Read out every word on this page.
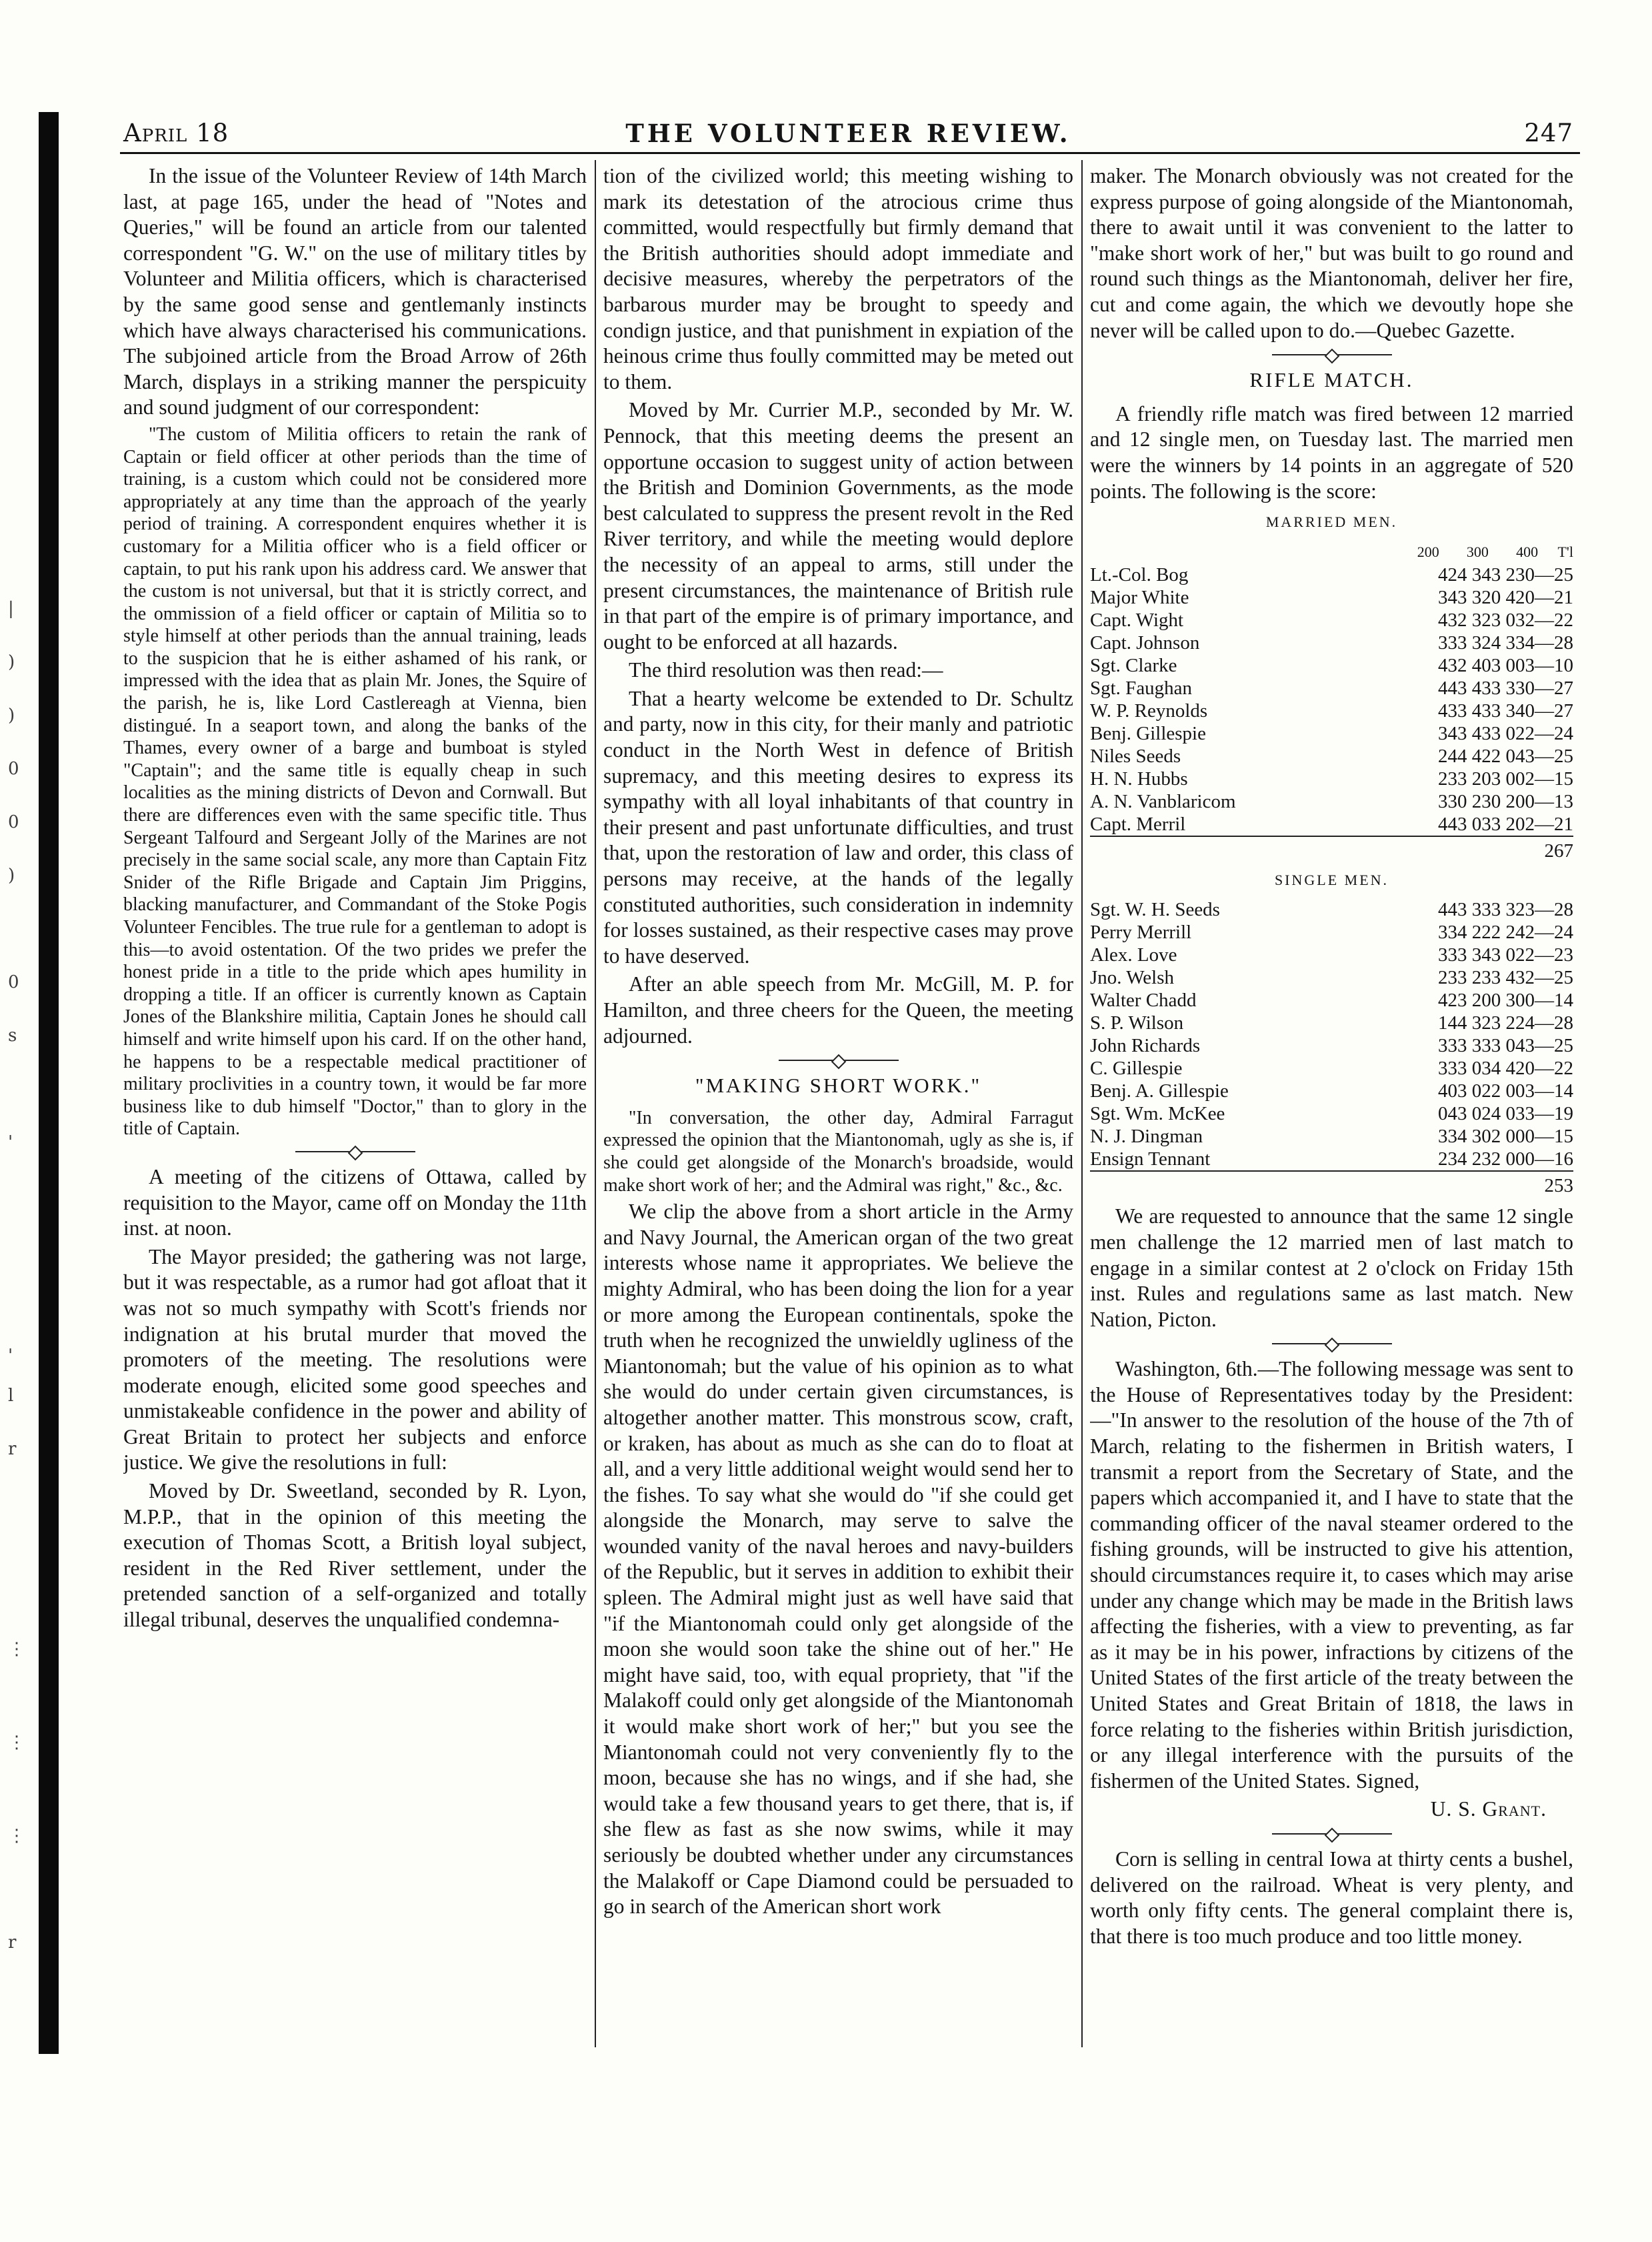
|
)
)
0
0
)
0
s
'
'
l
r
⋮
⋮
⋮
r
April 18	THE VOLUNTEER REVIEW.	247

In the issue of the Volunteer Review of 14th March last, at page 165, under the head of "Notes and Queries," will be found an article from our talented correspondent "G. W." on the use of military titles by Volunteer and Militia officers, which is characterised by the same good sense and gentlemanly instincts which have always characterised his communications. The subjoined article from the Broad Arrow of 26th March, displays in a striking manner the perspicuity and sound judgment of our correspondent:

"The custom of Militia officers to retain the rank of Captain or field officer at other periods than the time of training, is a custom which could not be considered more appropriately at any time than the approach of the yearly period of training. A correspondent enquires whether it is customary for a Militia officer who is a field officer or captain, to put his rank upon his address card. We answer that the custom is not universal, but that it is strictly correct, and the ommission of a field officer or captain of Militia so to style himself at other periods than the annual training, leads to the suspicion that he is either ashamed of his rank, or impressed with the idea that as plain Mr. Jones, the Squire of the parish, he is, like Lord Castlereagh at Vienna, bien distingué. In a seaport town, and along the banks of the Thames, every owner of a barge and bumboat is styled "Captain"; and the same title is equally cheap in such localities as the mining districts of Devon and Cornwall. But there are differences even with the same specific title. Thus Sergeant Talfourd and Sergeant Jolly of the Marines are not precisely in the same social scale, any more than Captain Fitz Snider of the Rifle Brigade and Captain Jim Priggins, blacking manufacturer, and Commandant of the Stoke Pogis Volunteer Fencibles. The true rule for a gentleman to adopt is this—to avoid ostentation. Of the two prides we prefer the honest pride in a title to the pride which apes humility in dropping a title. If an officer is currently known as Captain Jones of the Blankshire militia, Captain Jones he should call himself and write himself upon his card. If on the other hand, he happens to be a respectable medical practitioner of military proclivities in a country town, it would be far more business like to dub himself "Doctor," than to glory in the title of Captain.

A meeting of the citizens of Ottawa, called by requisition to the Mayor, came off on Monday the 11th inst. at noon.

The Mayor presided; the gathering was not large, but it was respectable, as a rumor had got afloat that it was not so much sympathy with Scott's friends nor indignation at his brutal murder that moved the promoters of the meeting. The resolutions were moderate enough, elicited some good speeches and unmistakeable confidence in the power and ability of Great Britain to protect her subjects and enforce justice. We give the resolutions in full:

Moved by Dr. Sweetland, seconded by R. Lyon, M.P.P., that in the opinion of this meeting the execution of Thomas Scott, a British loyal subject, resident in the Red River settlement, under the pretended sanction of a self-organized and totally illegal tribunal, deserves the unqualified condemna-

tion of the civilized world; this meeting wishing to mark its detestation of the atrocious crime thus committed, would respectfully but firmly demand that the British authorities should adopt immediate and decisive measures, whereby the perpetrators of the barbarous murder may be brought to speedy and condign justice, and that punishment in expiation of the heinous crime thus foully committed may be meted out to them.

Moved by Mr. Currier M.P., seconded by Mr. W. Pennock, that this meeting deems the present an opportune occasion to suggest unity of action between the British and Dominion Governments, as the mode best calculated to suppress the present revolt in the Red River territory, and while the meeting would deplore the necessity of an appeal to arms, still under the present circumstances, the maintenance of British rule in that part of the empire is of primary importance, and ought to be enforced at all hazards.

The third resolution was then read:—

That a hearty welcome be extended to Dr. Schultz and party, now in this city, for their manly and patriotic conduct in the North West in defence of British supremacy, and this meeting desires to express its sympathy with all loyal inhabitants of that country in their present and past unfortunate difficulties, and trust that, upon the restoration of law and order, this class of persons may receive, at the hands of the legally constituted authorities, such consideration in indemnity for losses sustained, as their respective cases may prove to have deserved.

After an able speech from Mr. McGill, M. P. for Hamilton, and three cheers for the Queen, the meeting adjourned.

"MAKING SHORT WORK."

"In conversation, the other day, Admiral Farragut expressed the opinion that the Miantonomah, ugly as she is, if she could get alongside of the Monarch's broadside, would make short work of her; and the Admiral was right," &c., &c.

We clip the above from a short article in the Army and Navy Journal, the American organ of the two great interests whose name it appropriates. We believe the mighty Admiral, who has been doing the lion for a year or more among the European continentals, spoke the truth when he recognized the unwieldly ugliness of the Miantonomah; but the value of his opinion as to what she would do under certain given circumstances, is altogether another matter. This monstrous scow, craft, or kraken, has about as much as she can do to float at all, and a very little additional weight would send her to the fishes. To say what she would do "if she could get alongside the Monarch, may serve to salve the wounded vanity of the naval heroes and navy-builders of the Republic, but it serves in addition to exhibit their spleen. The Admiral might just as well have said that "if the Miantonomah could only get alongside of the moon she would soon take the shine out of her." He might have said, too, with equal propriety, that "if the Malakoff could only get alongside of the Miantonomah it would make short work of her;" but you see the Miantonomah could not very conveniently fly to the moon, because she has no wings, and if she had, she would take a few thousand years to get there, that is, if she flew as fast as she now swims, while it may seriously be doubted whether under any circumstances the Malakoff or Cape Diamond could be persuaded to go in search of the American short work

maker. The Monarch obviously was not created for the express purpose of going alongside of the Miantonomah, there to await until it was convenient to the latter to "make short work of her," but was built to go round and round such things as the Miantonomah, deliver her fire, cut and come again, the which we devoutly hope she never will be called upon to do.—Quebec Gazette.

RIFLE MATCH.

A friendly rifle match was fired between 12 married and 12 single men, on Tuesday last. The married men were the winners by 14 points in an aggregate of 520 points. The following is the score:

MARRIED MEN.

	200	300	400	T'l
Lt.-Col. Bog	424 343 230—25			
Major White	343 320 420—21			
Capt. Wight	432 323 032—22			
Capt. Johnson	333 324 334—28			
Sgt. Clarke	432 403 003—10			
Sgt. Faughan	443 433 330—27			
W. P. Reynolds	433 433 340—27			
Benj. Gillespie	343 433 022—24			
Niles Seeds	244 422 043—25			
H. N. Hubbs	233 203 002—15			
A. N. Vanblaricom	330 230 200—13			
Capt. Merril	443 033 202—21			
267				

SINGLE MEN.

Sgt. W. H. Seeds	443 333 323—28
Perry Merrill	334 222 242—24
Alex. Love	333 343 022—23
Jno. Welsh	233 233 432—25
Walter Chadd	423 200 300—14
S. P. Wilson	144 323 224—28
John Richards	333 333 043—25
C. Gillespie	333 034 420—22
Benj. A. Gillespie	403 022 003—14
Sgt. Wm. McKee	043 024 033—19
N. J. Dingman	334 302 000—15
Ensign Tennant	234 232 000—16
253	

We are requested to announce that the same 12 single men challenge the 12 married men of last match to engage in a similar contest at 2 o'clock on Friday 15th inst. Rules and regulations same as last match. New Nation, Picton.

Washington, 6th.—The following message was sent to the House of Representatives today by the President:—"In answer to the resolution of the house of the 7th of March, relating to the fishermen in British waters, I transmit a report from the Secretary of State, and the papers which accompanied it, and I have to state that the commanding officer of the naval steamer ordered to the fishing grounds, will be instructed to give his attention, should circumstances require it, to cases which may arise under any change which may be made in the British laws affecting the fisheries, with a view to preventing, as far as it may be in his power, infractions by citizens of the United States of the first article of the treaty between the United States and Great Britain of 1818, the laws in force relating to the fisheries within British jurisdiction, or any illegal interference with the pursuits of the fishermen of the United States. Signed,

U. S. Grant.

Corn is selling in central Iowa at thirty cents a bushel, delivered on the railroad. Wheat is very plenty, and worth only fifty cents. The general complaint there is, that there is too much produce and too little money.
